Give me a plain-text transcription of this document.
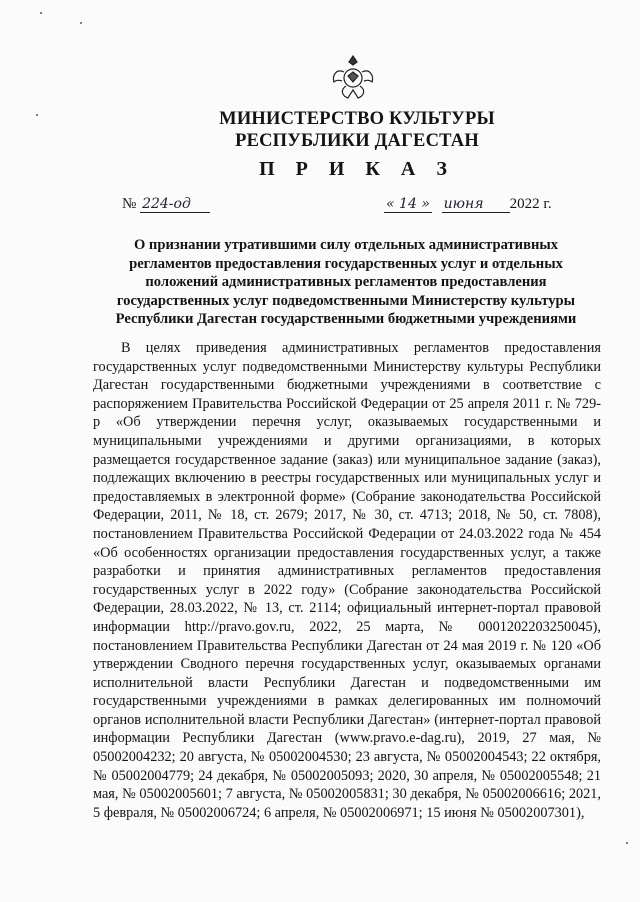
МИНИСТЕРСТВО КУЛЬТУРЫ
РЕСПУБЛИКИ ДАГЕСТАН
П Р И К А З
№ 224-од	« 14 » июня 2022 г.
О признании утратившими силу отдельных административных регламентов предоставления государственных услуг и отдельных положений административных регламентов предоставления государственных услуг подведомственными Министерству культуры Республики Дагестан государственными бюджетными учреждениями
В целях приведения административных регламентов предоставления государственных услуг подведомственными Министерству культуры Республики Дагестан государственными бюджетными учреждениями в соответствие с распоряжением Правительства Российской Федерации от 25 апреля 2011 г. № 729-р «Об утверждении перечня услуг, оказываемых государственными и муниципальными учреждениями и другими организациями, в которых размещается государственное задание (заказ) или муниципальное задание (заказ), подлежащих включению в реестры государственных или муниципальных услуг и предоставляемых в электронной форме» (Собрание законодательства Российской Федерации, 2011, № 18, ст. 2679; 2017, № 30, ст. 4713; 2018, № 50, ст. 7808), постановлением Правительства Российской Федерации от 24.03.2022 года № 454 «Об особенностях организации предоставления государственных услуг, а также разработки и принятия административных регламентов предоставления государственных услуг в 2022 году» (Собрание законодательства Российской Федерации, 28.03.2022, № 13, ст. 2114; официальный интернет-портал правовой информации http://pravo.gov.ru, 2022, 25 марта, № 0001202203250045), постановлением Правительства Республики Дагестан от 24 мая 2019 г. № 120 «Об утверждении Сводного перечня государственных услуг, оказываемых органами исполнительной власти Республики Дагестан и подведомственными им государственными учреждениями в рамках делегированных им полномочий органов исполнительной власти Республики Дагестан» (интернет-портал правовой информации Республики Дагестан (www.pravo.e-dag.ru), 2019, 27 мая, № 05002004232; 20 августа, № 05002004530; 23 августа, № 05002004543; 22 октября, № 05002004779; 24 декабря, № 05002005093; 2020, 30 апреля, № 05002005548; 21 мая, № 05002005601; 7 августа, № 05002005831; 30 декабря, № 05002006616; 2021, 5 февраля, № 05002006724; 6 апреля, № 05002006971; 15 июня № 05002007301),
